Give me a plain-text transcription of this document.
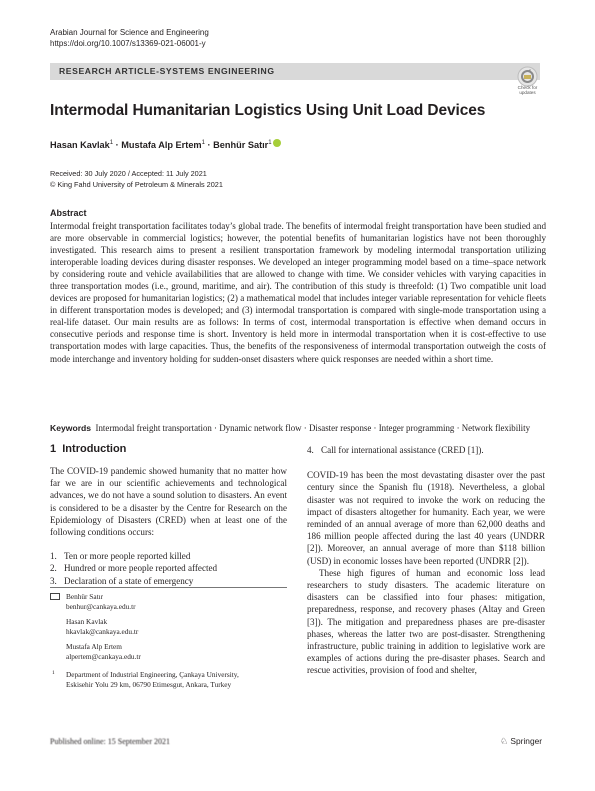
Arabian Journal for Science and Engineering
https://doi.org/10.1007/s13369-021-06001-y
RESEARCH ARTICLE-SYSTEMS ENGINEERING
Check for
updates
Intermodal Humanitarian Logistics Using Unit Load Devices
Hasan Kavlak$^1$ · Mustafa Alp Ertem$^1$ · Benhür Satır$^1$
Received: 30 July 2020 / Accepted: 11 July 2021
© King Fahd University of Petroleum & Minerals 2021
Abstract
Intermodal freight transportation facilitates today’s global trade. The benefits of intermodal freight transportation have been studied and are more observable in commercial logistics; however, the potential benefits of humanitarian logistics have not been thoroughly investigated. This research aims to present a resilient transportation framework by modeling intermodal transportation utilizing interoperable loading devices during disaster responses. We developed an integer programming model based on a time–space network by considering route and vehicle availabilities that are allowed to change with time. We consider vehicles with varying capacities in three transportation modes (i.e., ground, maritime, and air). The contribution of this study is threefold: (1) Two compatible unit load devices are proposed for humanitarian logistics; (2) a mathematical model that includes integer variable representation for vehicle fleets in different transportation modes is developed; and (3) intermodal transportation is compared with single-mode transportation using a real-life dataset. Our main results are as follows: In terms of cost, intermodal transportation is effective when demand occurs in consecutive periods and response time is short. Inventory is held more in intermodal transportation when it is cost-effective to use transportation modes with large capacities. Thus, the benefits of the responsiveness of intermodal transportation outweigh the costs of mode interchange and inventory holding for sudden-onset disasters where quick responses are needed within a short time.
Keywords Intermodal freight transportation · Dynamic network flow · Disaster response · Integer programming · Network flexibility
1 Introduction

The COVID-19 pandemic showed humanity that no matter how far we are in our scientific achievements and technological advances, we do not have a sound solution to disasters. An event is considered to be a disaster by the Centre for Research on the Epidemiology of Disasters (CRED) when at least one of the following conditions occurs:

1. Ten or more people reported killed
2. Hundred or more people reported affected
3. Declaration of a state of emergency
Benhür Satır
benhur@cankaya.edu.tr
Hasan Kavlak
hkavlak@cankaya.edu.tr
Mustafa Alp Ertem
alpertem@cankaya.edu.tr
1 Department of Industrial Engineering, Çankaya University,
Eskisehir Yolu 29 km, 06790 Etimesgut, Ankara, Turkey
4. Call for international assistance (CRED [1]).

COVID-19 has been the most devastating disaster over the past century since the Spanish flu (1918). Nevertheless, a global disaster was not required to invoke the work on reducing the impact of disasters altogether for humanity. Each year, we were reminded of an annual average of more than 62,000 deaths and 186 million people affected during the last 40 years (UNDRR [2]). Moreover, an annual average of more than $118 billion (USD) in economic losses have been reported (UNDRR [2]).

These high figures of human and economic loss lead researchers to study disasters. The academic literature on disasters can be classified into four phases: mitigation, preparedness, response, and recovery phases (Altay and Green [3]). The mitigation and preparedness phases are pre-disaster phases, whereas the latter two are post-disaster. Strengthening infrastructure, public training in addition to legislative work are examples of actions during the pre-disaster phases. Search and rescue activities, provision of food and shelter,

Published online: 15 September 2021	♘ Springer
